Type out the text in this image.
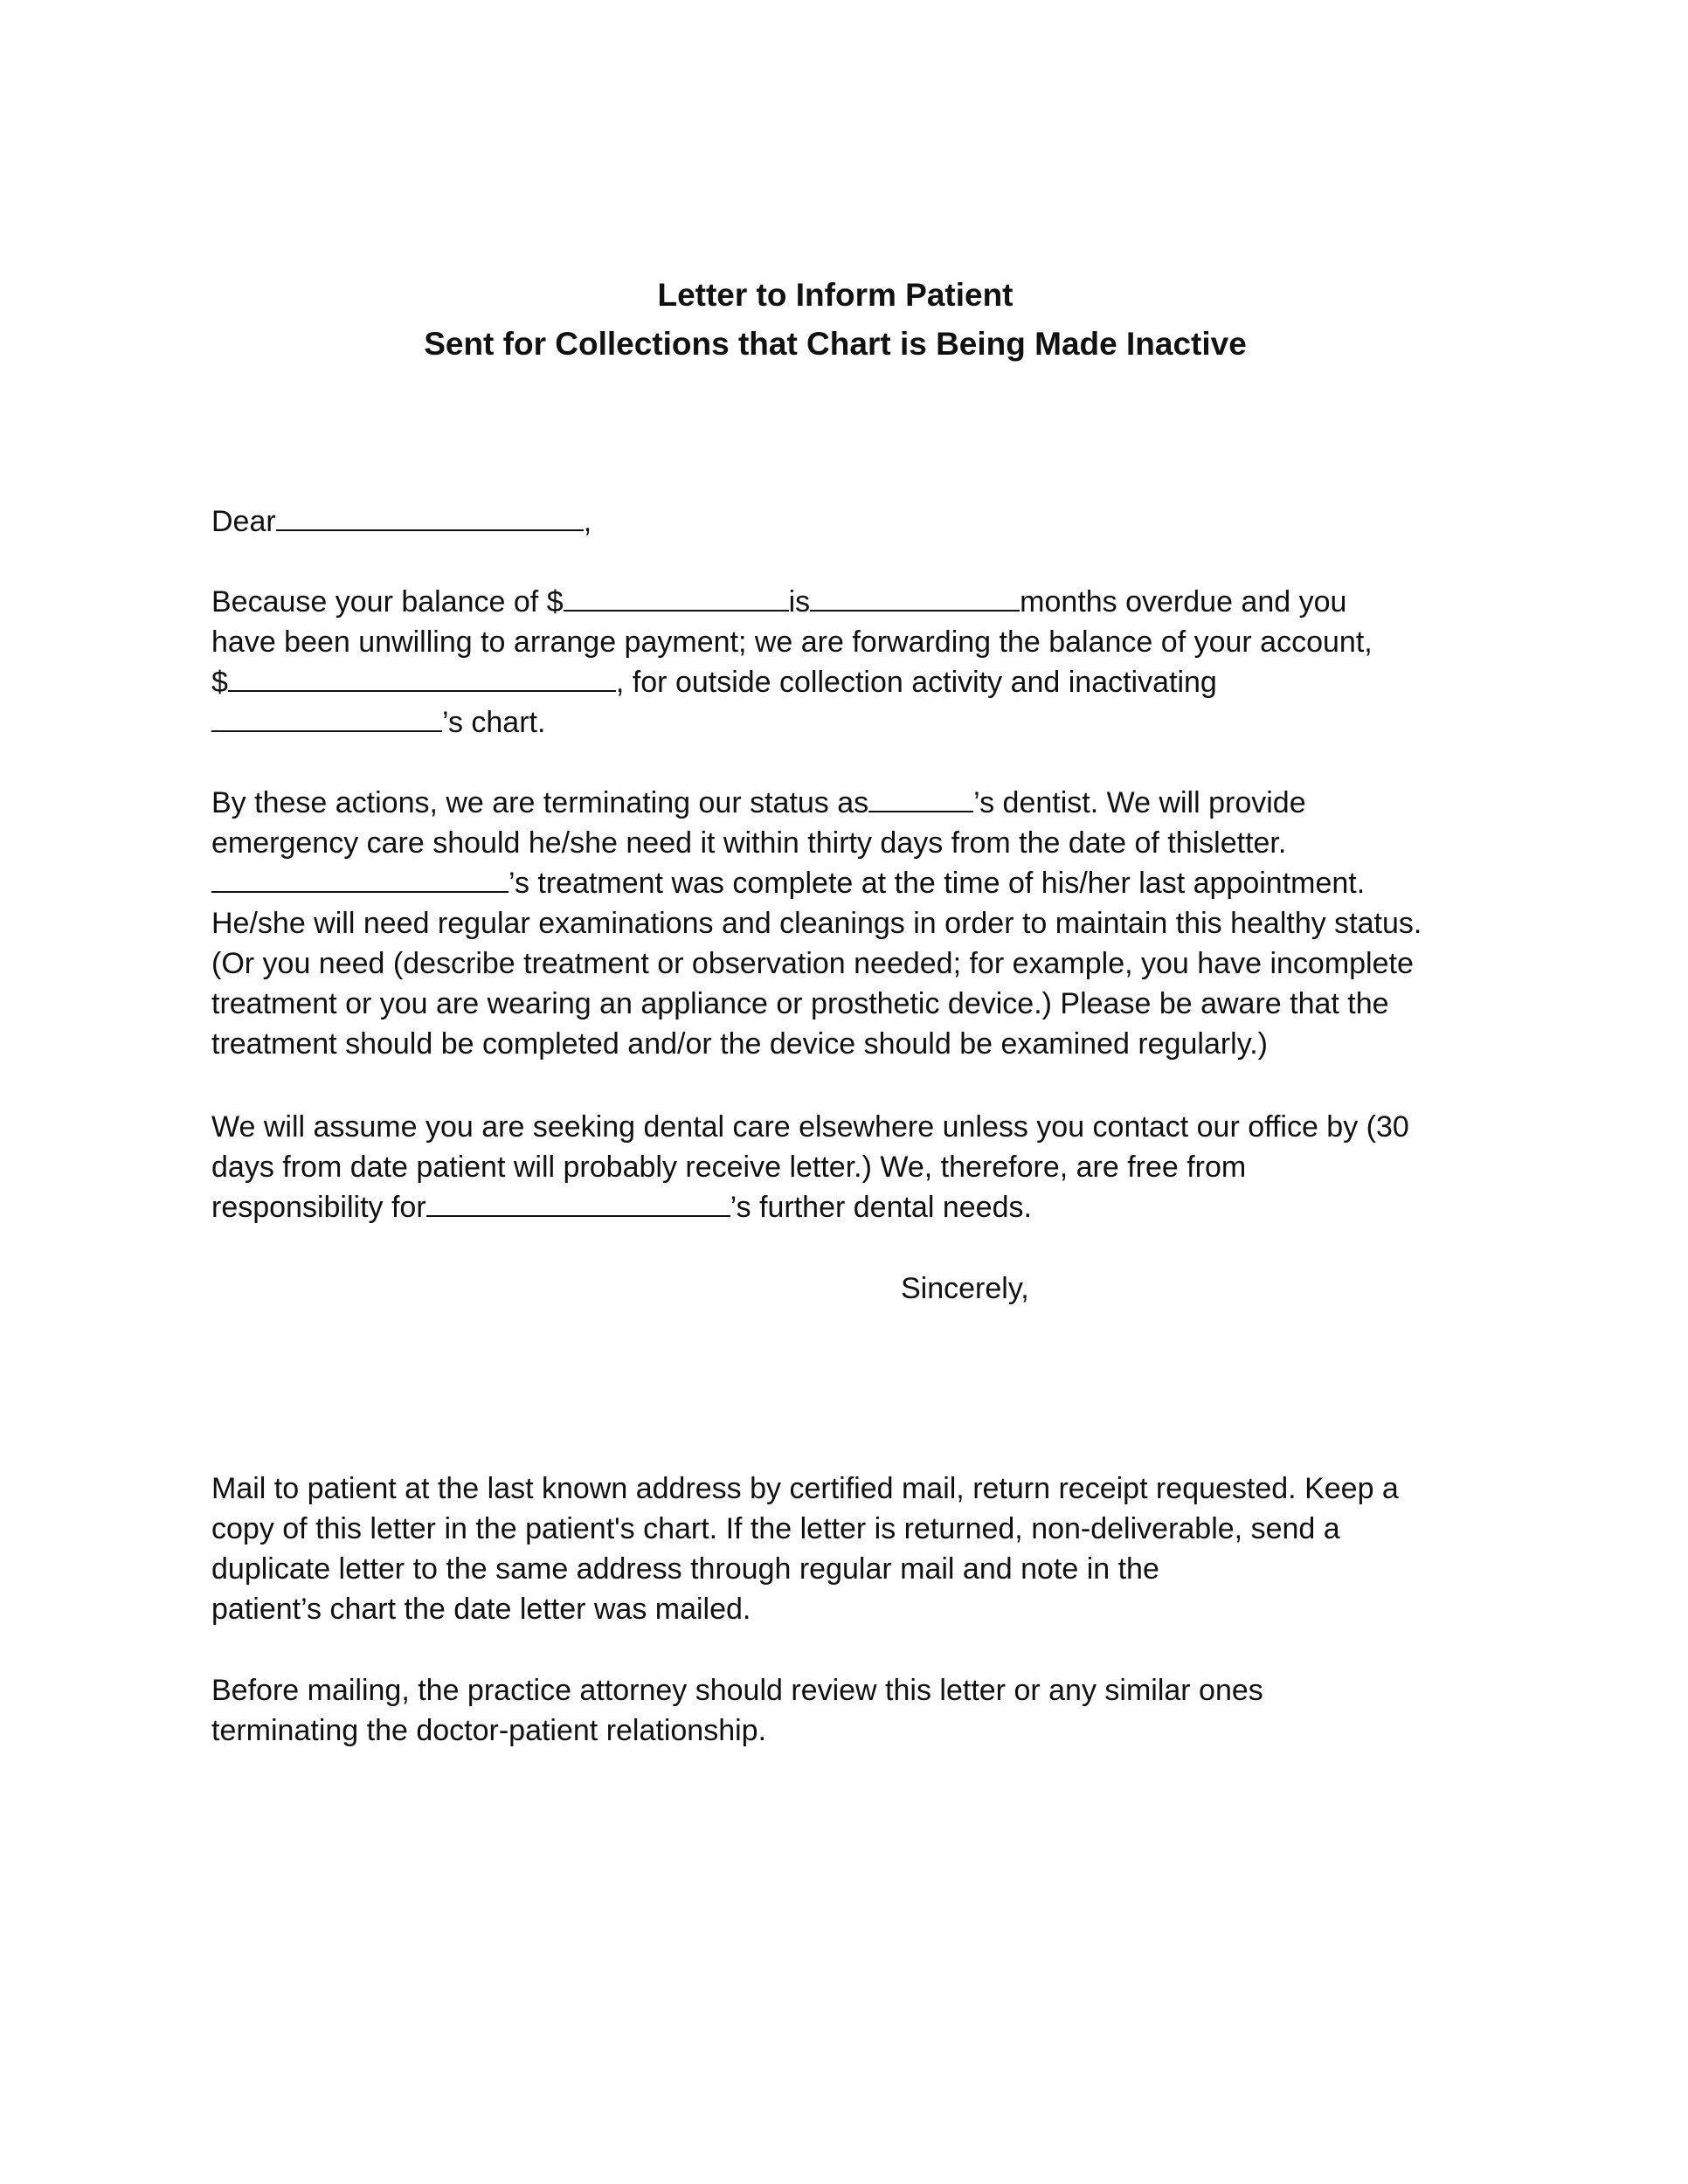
Letter to Inform Patient
Sent for Collections that Chart is Being Made Inactive
Dear	,
Because your balance of $	is	months overdue and you
have been unwilling to arrange payment; we are forwarding the balance of your account,
$	, for outside collection activity and inactivating
’s chart.
By these actions, we are terminating our status as	’s dentist. We will provide
emergency care should he/she need it within thirty days from the date of thisletter.
’s treatment was complete at the time of his/her last appointment.
He/she will need regular examinations and cleanings in order to maintain this healthy status.
(Or you need (describe treatment or observation needed; for example, you have incomplete
treatment or you are wearing an appliance or prosthetic device.) Please be aware that the
treatment should be completed and/or the device should be examined regularly.)
We will assume you are seeking dental care elsewhere unless you contact our office by (30
days from date patient will probably receive letter.) We, therefore, are free from
responsibility for	’s further dental needs.
Sincerely,
Mail to patient at the last known address by certified mail, return receipt requested. Keep a
copy of this letter in the patient's chart. If the letter is returned, non-deliverable, send a
duplicate letter to the same address through regular mail and note in the
patient’s chart the date letter was mailed.
Before mailing, the practice attorney should review this letter or any similar ones
terminating the doctor-patient relationship.
